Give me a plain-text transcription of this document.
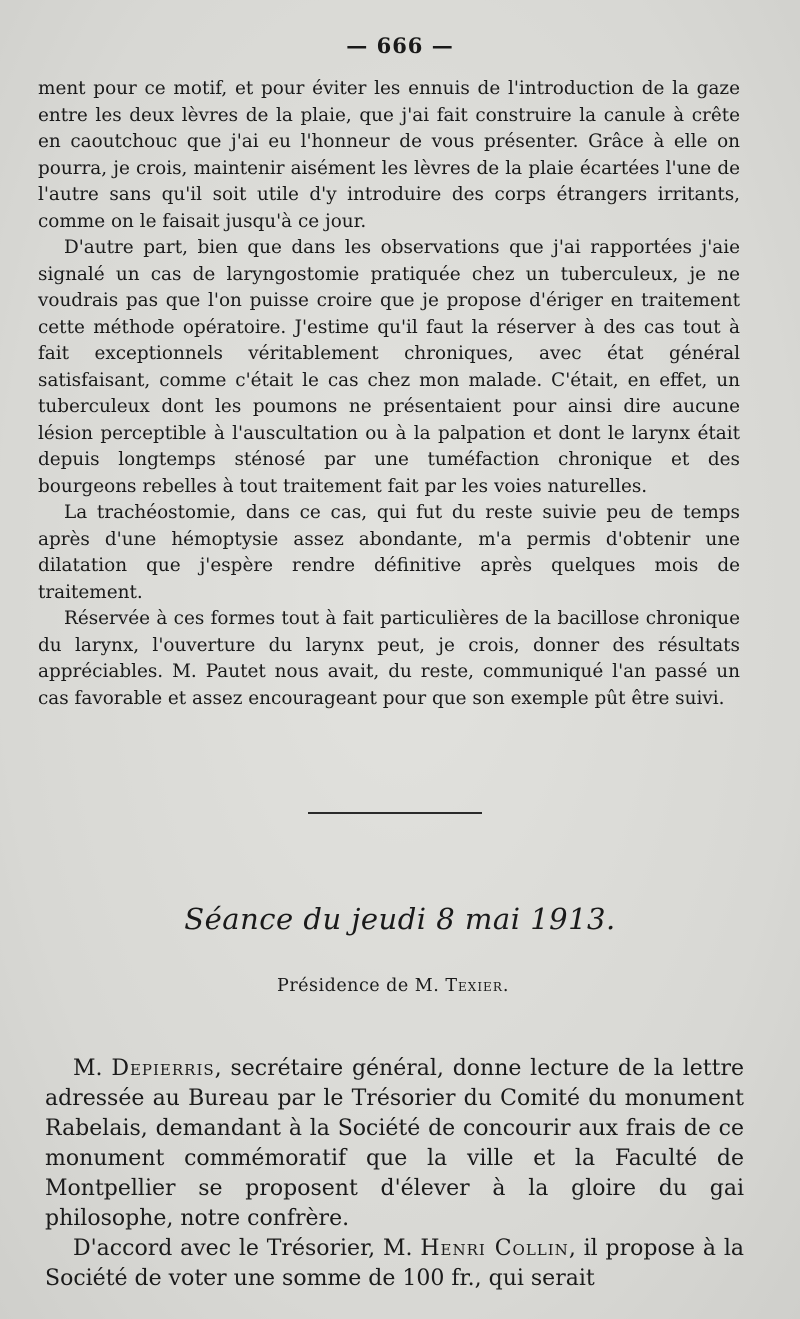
— 666 —

ment pour ce motif, et pour éviter les ennuis de l'introduction de la gaze entre les deux lèvres de la plaie, que j'ai fait construire la canule à crête en caoutchouc que j'ai eu l'honneur de vous présenter. Grâce à elle on pourra, je crois, maintenir aisément les lèvres de la plaie écartées l'une de l'autre sans qu'il soit utile d'y introduire des corps étrangers irritants, comme on le faisait jusqu'à ce jour.

D'autre part, bien que dans les observations que j'ai rapportées j'aie signalé un cas de laryngostomie pratiquée chez un tuberculeux, je ne voudrais pas que l'on puisse croire que je propose d'ériger en traitement cette méthode opératoire. J'estime qu'il faut la réserver à des cas tout à fait exceptionnels véritablement chroniques, avec état général satisfaisant, comme c'était le cas chez mon malade. C'était, en effet, un tuberculeux dont les poumons ne présentaient pour ainsi dire aucune lésion perceptible à l'auscultation ou à la palpation et dont le larynx était depuis longtemps sténosé par une tuméfaction chronique et des bourgeons rebelles à tout traitement fait par les voies naturelles.

La trachéostomie, dans ce cas, qui fut du reste suivie peu de temps après d'une hémoptysie assez abondante, m'a permis d'obtenir une dilatation que j'espère rendre définitive après quelques mois de traitement.

Réservée à ces formes tout à fait particulières de la bacillose chronique du larynx, l'ouverture du larynx peut, je crois, donner des résultats appréciables. M. Pautet nous avait, du reste, communiqué l'an passé un cas favorable et assez encourageant pour que son exemple pût être suivi.

Séance du jeudi 8 mai 1913.
Présidence de M. Texier.

M. Depierris, secrétaire général, donne lecture de la lettre adressée au Bureau par le Trésorier du Comité du monument Rabelais, demandant à la Société de concourir aux frais de ce monument commémoratif que la ville et la Faculté de Montpellier se proposent d'élever à la gloire du gai philosophe, notre confrère.

D'accord avec le Trésorier, M. Henri Collin, il propose à la Société de voter une somme de 100 fr., qui serait
